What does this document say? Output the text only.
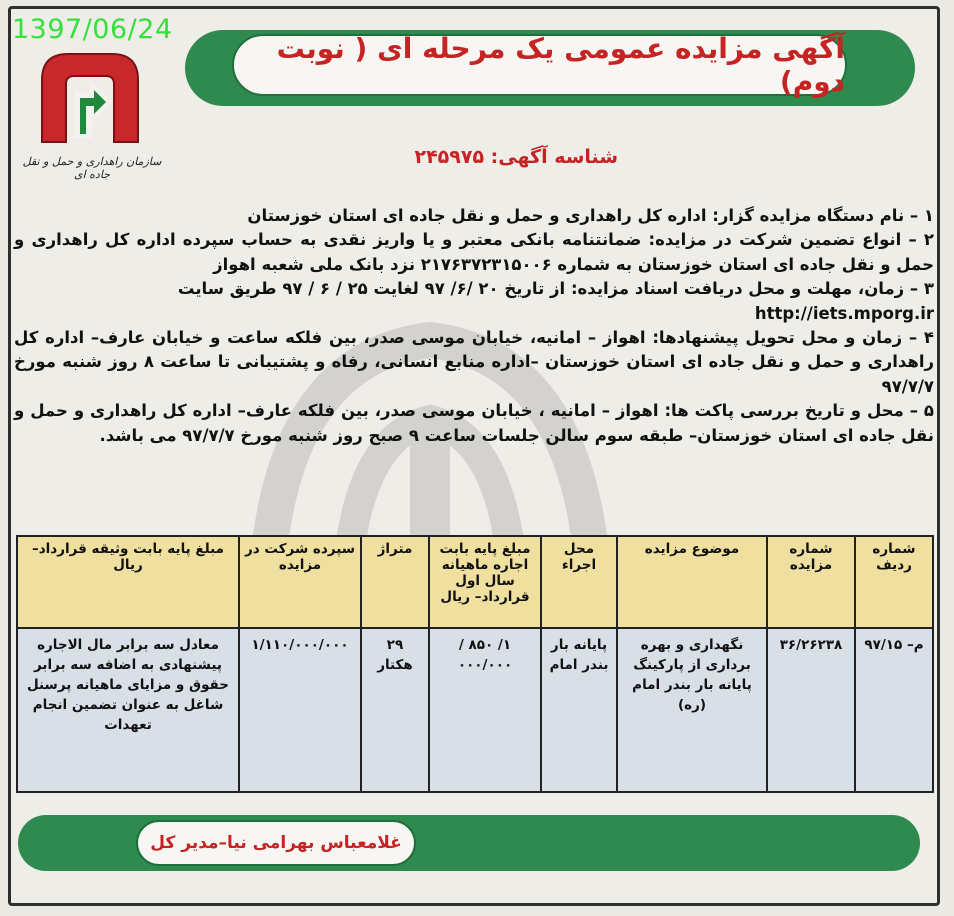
1397/06/24
سازمان راهداری و حمل و نقل جاده ای
آگهی مزایده عمومی یک مرحله ای ( نوبت دوم)
شناسه آگهی: ۲۴۵۹۷۵

۱ – نام دستگاه مزایده گزار: اداره کل راهداری و حمل و نقل جاده ای استان خوزستان

۲ – انواع تضمین شرکت در مزایده: ضمانتنامه بانکی معتبر و یا واریز نقدی به حساب سپرده اداره کل راهداری و حمل و نقل جاده ای استان خوزستان به شماره ۲۱۷۶۳۷۲۳۱۵۰۰۶ نزد بانک ملی شعبه اهواز

۳ – زمان، مهلت و محل دریافت اسناد مزایده: از تاریخ ۲۰ /۶/ ۹۷ لغایت ۲۵ / ۶ / ۹۷ طریق سایت

http://iets.mporg.ir

۴ – زمان و محل تحویل پیشنهادها: اهواز – امانیه، خیابان موسی صدر، بین فلکه ساعت و خیابان عارف– اداره کل راهداری و حمل و نقل جاده ای استان خوزستان –اداره منابع انسانی، رفاه و پشتیبانی تا ساعت ۸ روز شنبه مورخ ۹۷/۷/۷

۵ – محل و تاریخ بررسی پاکت ها: اهواز – امانیه ، خیابان موسی صدر، بین فلکه عارف– اداره کل راهداری و حمل و نقل جاده ای استان خوزستان– طبقه سوم سالن جلسات ساعت ۹ صبح روز شنبه مورخ ۹۷/۷/۷ می باشد.

شماره ردیف	شماره مزایده	موضوع مزایده	محل اجراء	مبلغ پایه بابت اجاره ماهیانه سال اول قرارداد– ریال	متراژ	سپرده شرکت در مزایده	مبلغ پایه بابت وثیقه قرارداد– ریال
م– ۹۷/۱۵	۳۶/۲۶۲۳۸	نگهداری و بهره برداری از پارکینگ پایانه بار بندر امام (ره)	پایانه بار بندر امام	۱/ ۸۵۰ /۰۰۰/۰۰۰	۲۹ هکتار	۱/۱۱۰/۰۰۰/۰۰۰	معادل سه برابر مال الاجاره پیشنهادی به اضافه سه برابر حقوق و مزایای ماهیانه پرسنل شاغل به عنوان تضمین انجام تعهدات
غلامعباس بهرامی نیا–مدیر کل
